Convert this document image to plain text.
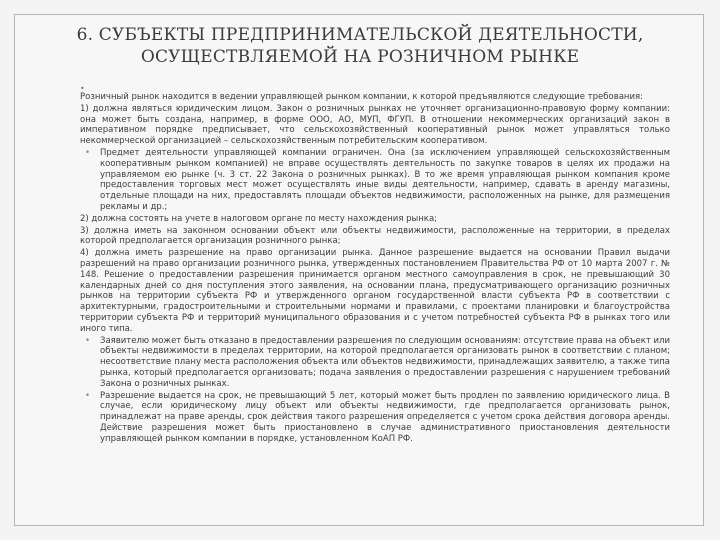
6. СУБЪЕКТЫ ПРЕДПРИНИМАТЕЛЬСКОЙ ДЕЯТЕЛЬНОСТИ,
ОСУЩЕСТВЛЯЕМОЙ НА РОЗНИЧНОМ РЫНКЕ
•

Розничный рынок находится в ведении управляющей рынком компании, к которой предъявляются следующие требования:

1) должна являться юридическим лицом. Закон о розничных рынках не уточняет организационно-правовую форму компании: она может быть создана, например, в форме ООО, АО, МУП, ФГУП. В отношении некоммерческих организаций закон в императивном порядке предписывает, что сельскохозяйственный кооперативный рынок может управляться только некоммерческой организацией – сельскохозяйственным потребительским кооперативом.

• Предмет деятельности управляющей компании ограничен. Она (за исключением управляющей сельскохозяйственным кооперативным рынком компанией) не вправе осуществлять деятельность по закупке товаров в целях их продажи на управляемом ею рынке (ч. 3 ст. 22 Закона о розничных рынках). В то же время управляющая рынком компания кроме предоставления торговых мест может осуществлять иные виды деятельности, например, сдавать в аренду магазины, отдельные площади на них, предоставлять площади объектов недвижимости, расположенных на рынке, для размещения рекламы и др.;

2) должна состоять на учете в налоговом органе по месту нахождения рынка;

3) должна иметь на законном основании объект или объекты недвижимости, расположенные на территории, в пределах которой предполагается организация розничного рынка;

4) должна иметь разрешение на право организации рынка. Данное разрешение выдается на основании Правил выдачи разрешений на право организации розничного рынка, утвержденных постановлением Правительства РФ от 10 марта 2007 г. № 148. Решение о предоставлении разрешения принимается органом местного самоуправления в срок, не превышающий 30 календарных дней со дня поступления этого заявления, на основании плана, предусматривающего организацию розничных рынков на территории субъекта РФ и утвержденного органом государственной власти субъекта РФ в соответствии с архитектурными, градостроительными и строительными нормами и правилами, с проектами планировки и благоустройства территории субъекта РФ и территорий муниципального образования и с учетом потребностей субъекта РФ в рынках того или иного типа.

• Заявителю может быть отказано в предоставлении разрешения по следующим основаниям: отсутствие права на объект или объекты недвижимости в пределах территории, на которой предполагается организовать рынок в соответствии с планом; несоответствие плану места расположения объекта или объектов недвижимости, принадлежащих заявителю, а также типа рынка, который предполагается организовать; подача заявления о предоставлении разрешения с нарушением требований Закона о розничных рынках.

• Разрешение выдается на срок, не превышающий 5 лет, который может быть продлен по заявлению юридического лица. В случае, если юридическому лицу объект или объекты недвижимости, где предполагается организовать рынок, принадлежат на праве аренды, срок действия такого разрешения определяется с учетом срока действия договора аренды. Действие разрешения может быть приостановлено в случае административного приостановления деятельности управляющей рынком компании в порядке, установленном КоАП РФ.
